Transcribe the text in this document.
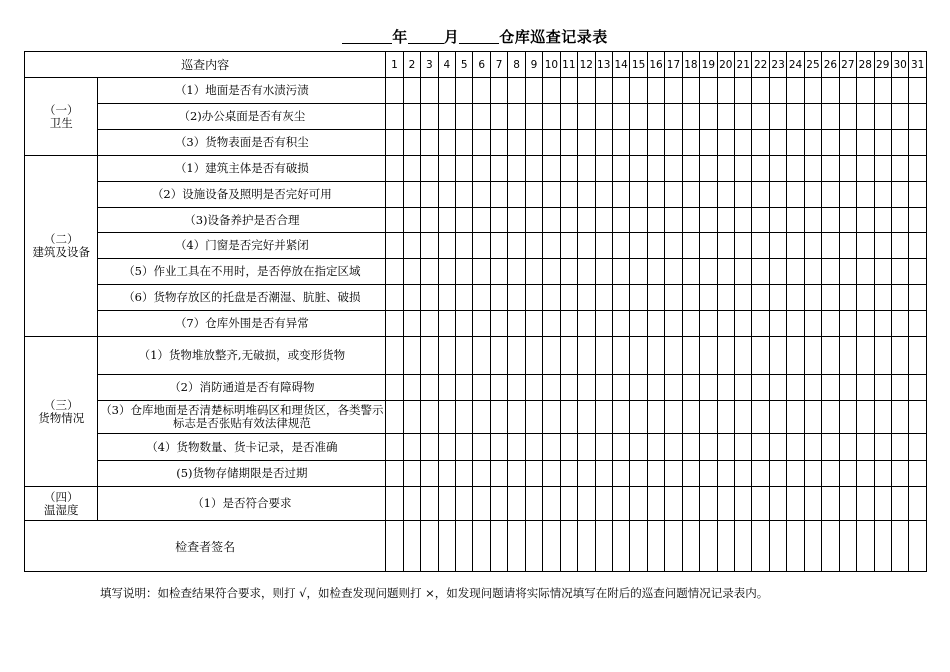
年 月	仓库巡查记录表
巡查内容		1	2	3	4	5	6	7	8	9	10	11	12	13	14	15	16	17	18	19	20	21	22	23	24	25	26	27	28	29	30	31
（一）
卫生	（1）地面是否有水渍污渍																															
	（2)办公桌面是否有灰尘																															
	（3）货物表面是否有积尘																															
（二）
建筑及设备	（1）建筑主体是否有破损																															
	（2）设施设备及照明是否完好可用																															
	（3)设备养护是否合理																															
	（4）门窗是否完好并紧闭																															
	（5）作业工具在不用时，是否停放在指定区域																															
	（6）货物存放区的托盘是否潮湿、肮脏、破损																															
	（7）仓库外围是否有异常																															
（三）
货物情况	（1）货物堆放整齐,无破损，或变形货物																															
	（2）消防通道是否有障碍物																															
	（3）仓库地面是否清楚标明堆码区和理货区，各类警示标志是否张贴有效法律规范																															
	（4）货物数量、货卡记录，是否准确																															
	(5)货物存储期限是否过期																															
（四）
温湿度	（1）是否符合要求																															
检查者签名																																
填写说明：如检查结果符合要求，则打 √，如检查发现问题则打 ×，如发现问题请将实际情况填写在附后的巡查问题情况记录表内。
